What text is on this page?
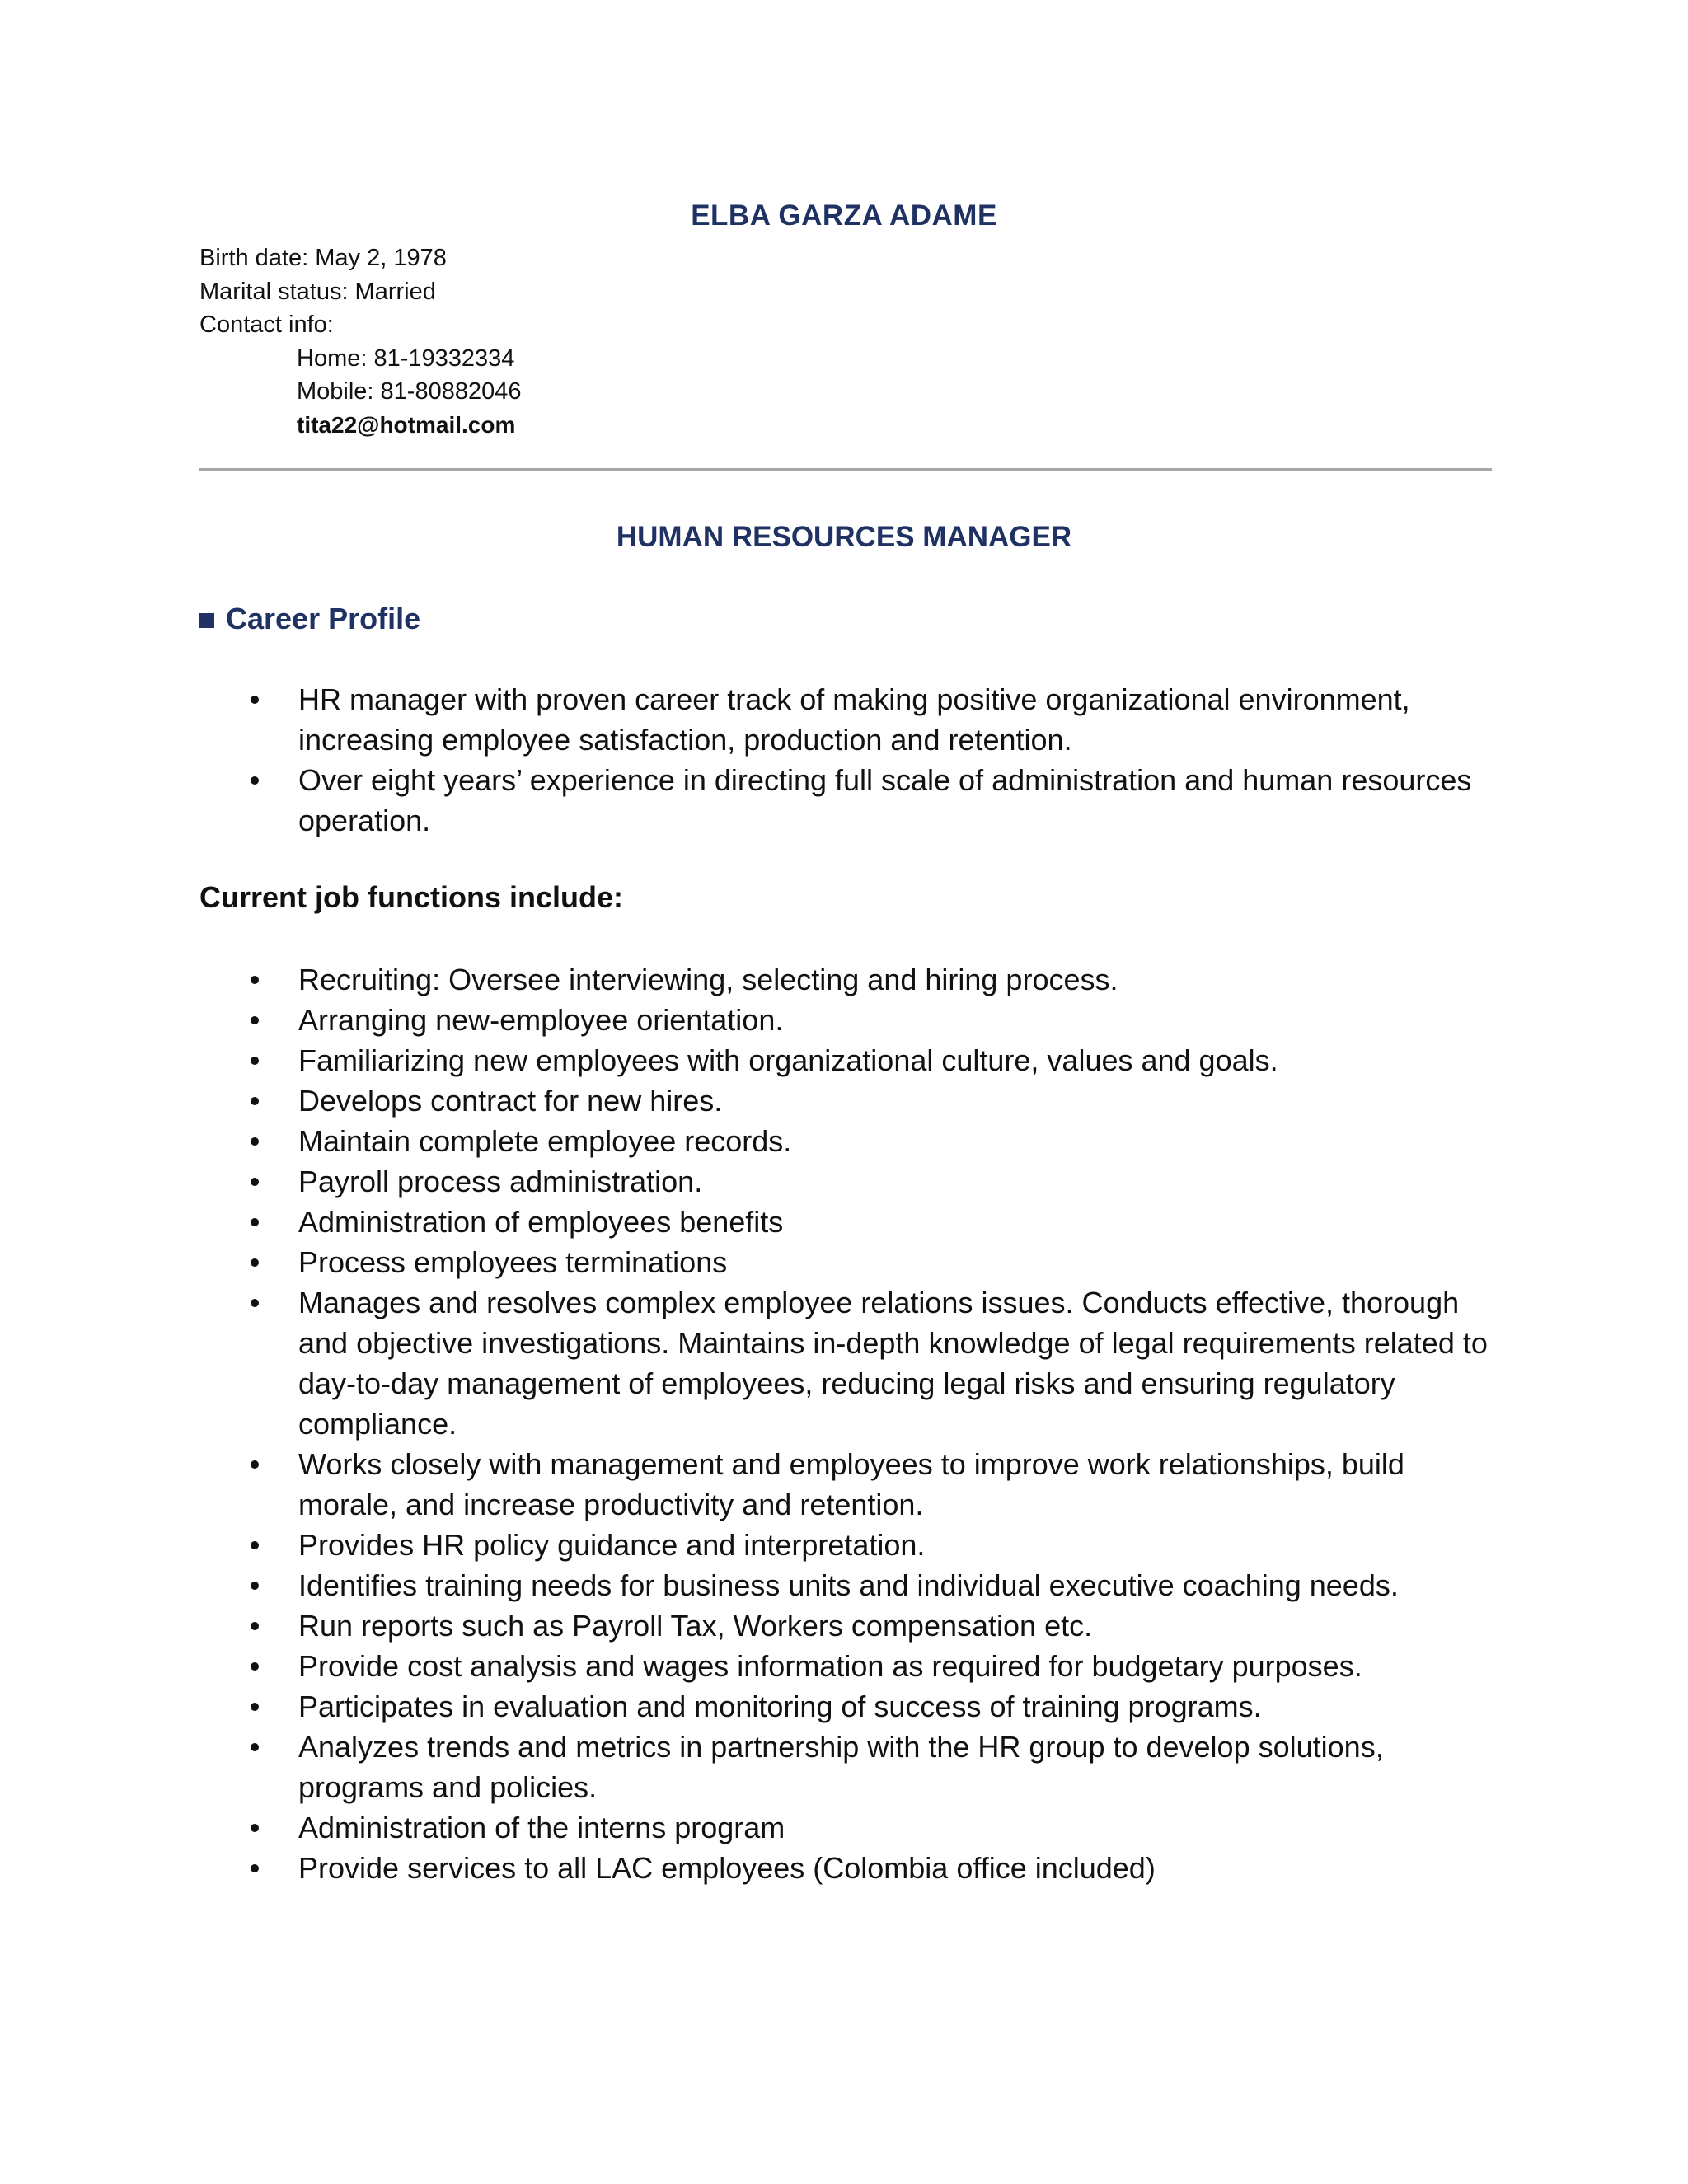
ELBA GARZA ADAME
Birth date: May 2, 1978
Marital status: Married
Contact info:
Home: 81-19332334
Mobile: 81-80882046
tita22@hotmail.com
HUMAN RESOURCES MANAGER
Career Profile
HR manager with proven career track of making positive organizational environment, increasing employee satisfaction, production and retention.
Over eight years’ experience in directing full scale of administration and human resources operation.
Current job functions include:
Recruiting: Oversee interviewing, selecting and hiring process.
Arranging new-employee orientation.
Familiarizing new employees with organizational culture, values and goals.
Develops contract for new hires.
Maintain complete employee records.
Payroll process administration.
Administration of employees benefits
Process employees terminations
Manages and resolves complex employee relations issues. Conducts effective, thorough and objective investigations. Maintains in-depth knowledge of legal requirements related to day-to-day management of employees, reducing legal risks and ensuring regulatory compliance.
Works closely with management and employees to improve work relationships, build morale, and increase productivity and retention.
Provides HR policy guidance and interpretation.
Identifies training needs for business units and individual executive coaching needs.
Run reports such as Payroll Tax, Workers compensation etc.
Provide cost analysis and wages information as required for budgetary purposes.
Participates in evaluation and monitoring of success of training programs.
Analyzes trends and metrics in partnership with the HR group to develop solutions, programs and policies.
Administration of the interns program
Provide services to all LAC employees (Colombia office included)
